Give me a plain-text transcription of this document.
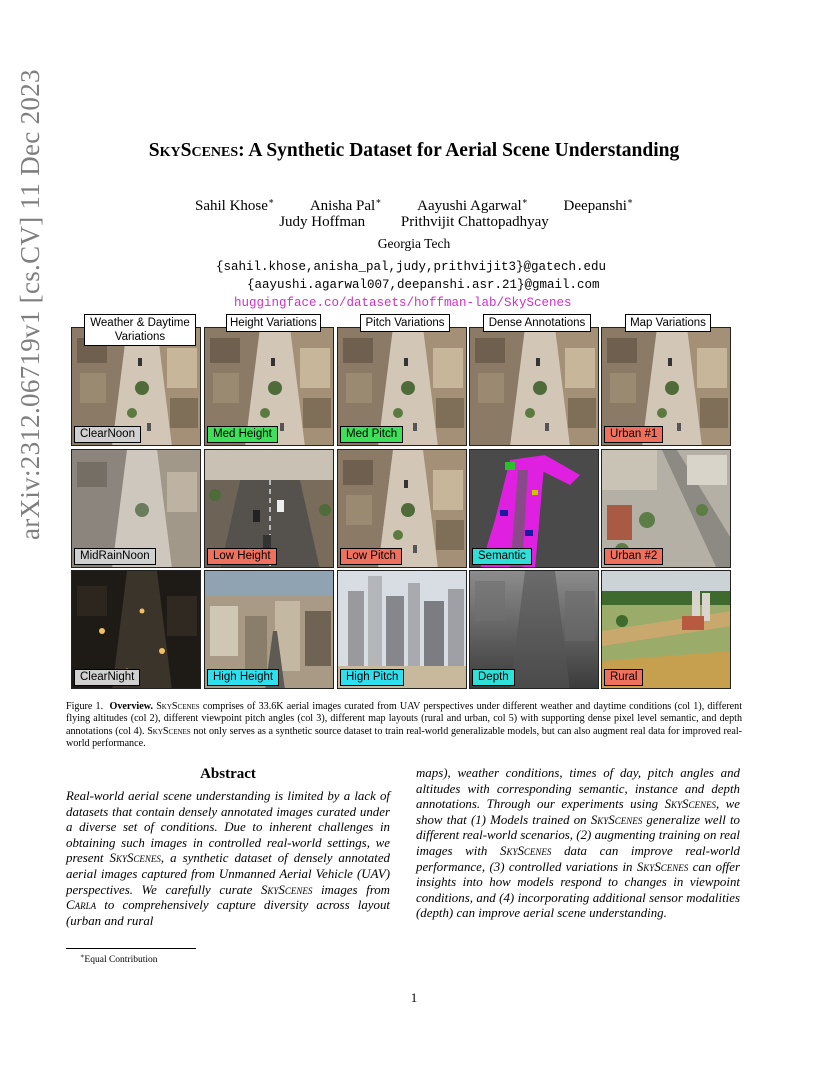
arXiv:2312.06719v1 [cs.CV] 11 Dec 2023	SkyScenes: A Synthetic Dataset for Aerial Scene Understanding
Sahil Khose∗ Anisha Pal∗ Aayushi Agarwal∗ Deepanshi∗
Judy Hoffman Prithvijit Chattopadhyay
Georgia Tech
{sahil.khose,anisha_pal,judy,prithvijit3}@gatech.edu
{aayushi.agarwal007,deepanshi.asr.21}@gmail.com
huggingface.co/datasets/hoffman-lab/SkyScenes
ClearNoon	Med Height	Med Pitch	Urban #1
MidRainNoon	Low Height	Low Pitch	Semantic	Urban #2
ClearNight	High Height	High Pitch	Depth	Rural
Weather & Daytime Variations
Height Variations	Pitch Variations	Dense Annotations	Map Variations
Figure 1. Overview. SkyScenes comprises of 33.6K aerial images curated from UAV perspectives under different weather and daytime conditions (col 1), different flying altitudes (col 2), different viewpoint pitch angles (col 3), different map layouts (rural and urban, col 5) with supporting dense pixel level semantic, and depth annotations (col 4). SkyScenes not only serves as a synthetic source dataset to train real-world generalizable models, but can also augment real data for improved real-world performance.
Abstract
Real-world aerial scene understanding is limited by a lack of datasets that contain densely annotated images curated under a diverse set of conditions. Due to inherent challenges in obtaining such images in controlled real-world settings, we present SkyScenes, a synthetic dataset of densely annotated aerial images captured from Unmanned Aerial Vehicle (UAV) perspectives. We carefully curate SkyScenes images from Carla to comprehensively capture diversity across layout (urban and rural
maps), weather conditions, times of day, pitch angles and altitudes with corresponding semantic, instance and depth annotations. Through our experiments using SkyScenes, we show that (1) Models trained on SkyScenes generalize well to different real-world scenarios, (2) augmenting training on real images with SkyScenes data can improve real-world performance, (3) controlled variations in SkyScenes can offer insights into how models respond to changes in viewpoint conditions, and (4) incorporating additional sensor modalities (depth) can improve aerial scene understanding.
∗Equal Contribution
1
